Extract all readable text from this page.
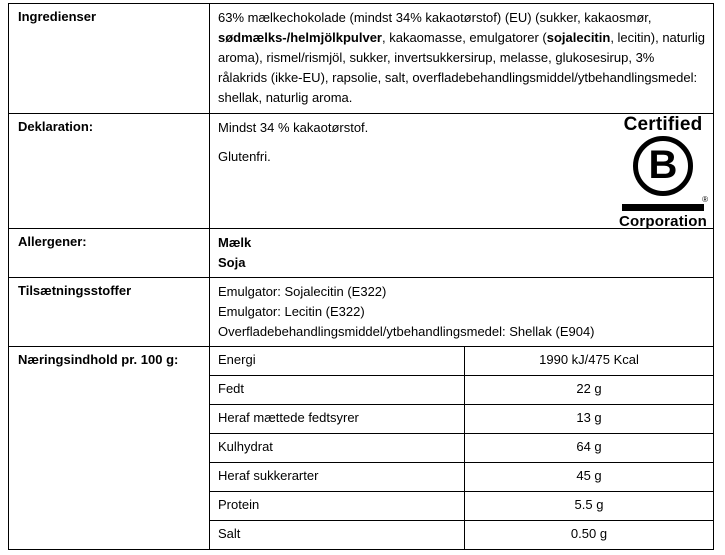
Ingredienser	63% mælkechokolade (mindst 34% kakaotørstof) (EU) (sukker, kakaosmør, sødmælks-/helmjölkpulver, kakaomasse, emulgatorer (sojalecitin, lecitin), naturlig aroma), rismel/rismjöl, sukker, invertsukkersirup, melasse, glukosesirup, 3% rålakrids (ikke-EU), rapsolie, salt, overfladebehandlingsmiddel/ytbehandlingsmedel: shellak, naturlig aroma.
Deklaration:	Mindst 34 % kakaotørstof.

Glutenfri.

Certified
B
®
Corporation
Allergener:	Mælk
Soja
Tilsætningsstoffer	Emulgator: Sojalecitin (E322)
Emulgator: Lecitin (E322)
Overfladebehandlingsmiddel/ytbehandlingsmedel: Shellak (E904)
Næringsindhold pr. 100 g:	Energi	1990 kJ/475 Kcal
Fedt	22 g
Heraf mættede fedtsyrer	13 g
Kulhydrat	64 g
Heraf sukkerarter	45 g
Protein	5.5 g
Salt	0.50 g
